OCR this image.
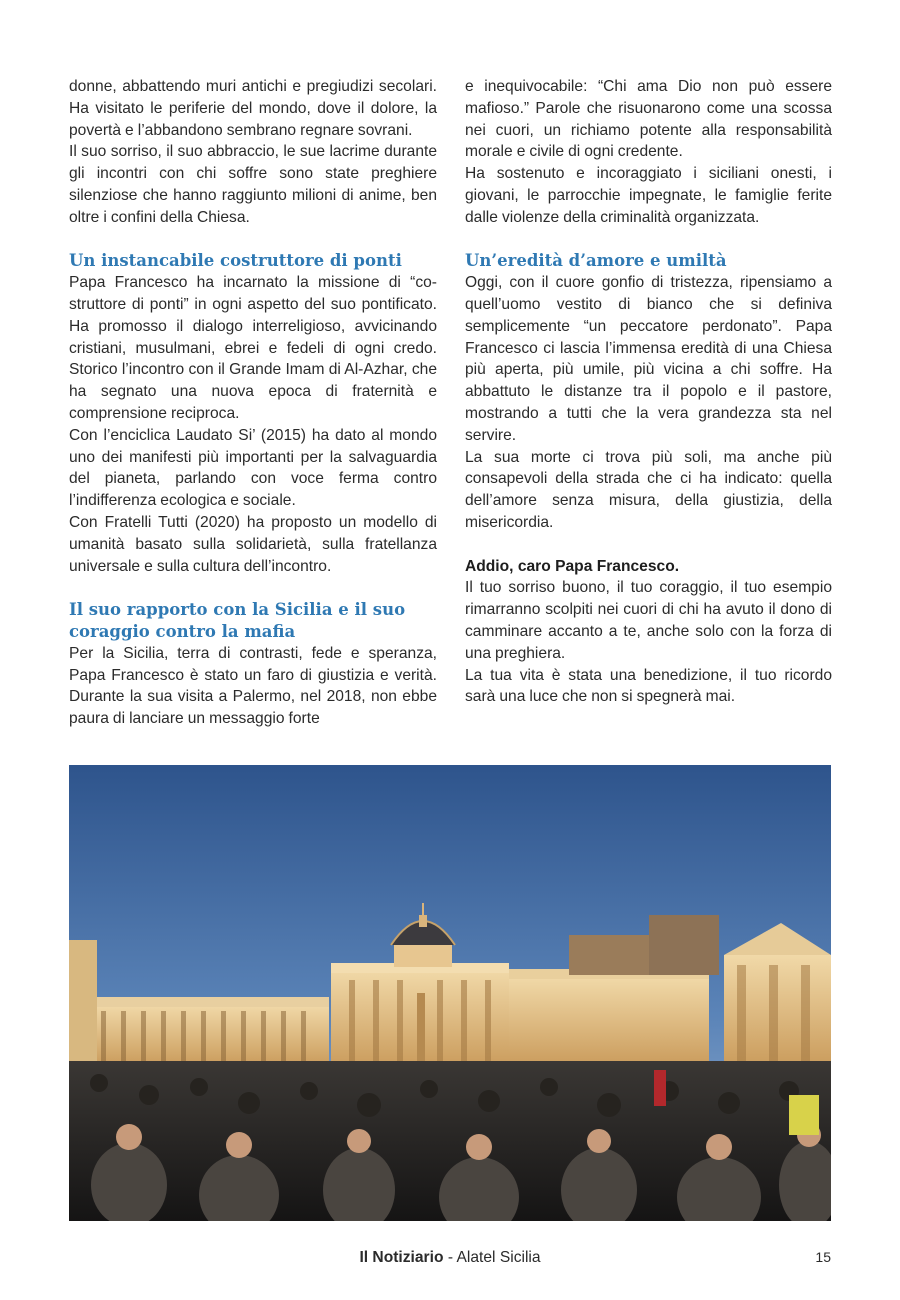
donne, abbattendo muri antichi e pregiudizi secolari. Ha visitato le periferie del mondo, dove il dolore, la povertà e l’abbandono sembrano regnare sovrani.

Il suo sorriso, il suo abbraccio, le sue lacrime durante gli incontri con chi soffre sono state preghiere silenziose che hanno raggiunto milioni di anime, ben oltre i confini della Chiesa.

Un instancabile costruttore di ponti

Papa Francesco ha incarnato la missione di “costruttore di ponti” in ogni aspetto del suo pontificato. Ha promosso il dialogo interreligioso, avvicinando cristiani, musulmani, ebrei e fedeli di ogni credo. Storico l’incontro con il Grande Imam di Al-Azhar, che ha segnato una nuova epoca di fraternità e comprensione reciproca.

Con l’enciclica Laudato Si’ (2015) ha dato al mondo uno dei manifesti più importanti per la salvaguardia del pianeta, parlando con voce ferma contro l’indifferenza ecologica e sociale.

Con Fratelli Tutti (2020) ha proposto un modello di umanità basato sulla solidarietà, sulla fratellanza universale e sulla cultura dell’incontro.

Il suo rapporto con la Sicilia e il suo coraggio contro la mafia

Per la Sicilia, terra di contrasti, fede e speranza, Papa Francesco è stato un faro di giustizia e verità. Durante la sua visita a Palermo, nel 2018, non ebbe paura di lanciare un messaggio forte

e inequivocabile: “Chi ama Dio non può essere mafioso.” Parole che risuonarono come una scossa nei cuori, un richiamo potente alla responsabilità morale e civile di ogni credente.

Ha sostenuto e incoraggiato i siciliani onesti, i giovani, le parrocchie impegnate, le famiglie ferite dalle violenze della criminalità organizzata.

Un’eredità d’amore e umiltà

Oggi, con il cuore gonfio di tristezza, ripensiamo a quell’uomo vestito di bianco che si definiva semplicemente “un peccatore perdonato”. Papa Francesco ci lascia l’immensa eredità di una Chiesa più aperta, più umile, più vicina a chi soffre. Ha abbattuto le distanze tra il popolo e il pastore, mostrando a tutti che la vera grandezza sta nel servire.

La sua morte ci trova più soli, ma anche più consapevoli della strada che ci ha indicato: quella dell’amore senza misura, della giustizia, della misericordia.

Addio, caro Papa Francesco.

Il tuo sorriso buono, il tuo coraggio, il tuo esempio rimarranno scolpiti nei cuori di chi ha avuto il dono di camminare accanto a te, anche solo con la forza di una preghiera.

La tua vita è stata una benedizione, il tuo ricordo sarà una luce che non si spegnerà mai.

Il Notiziario - Alatel Sicilia	15
